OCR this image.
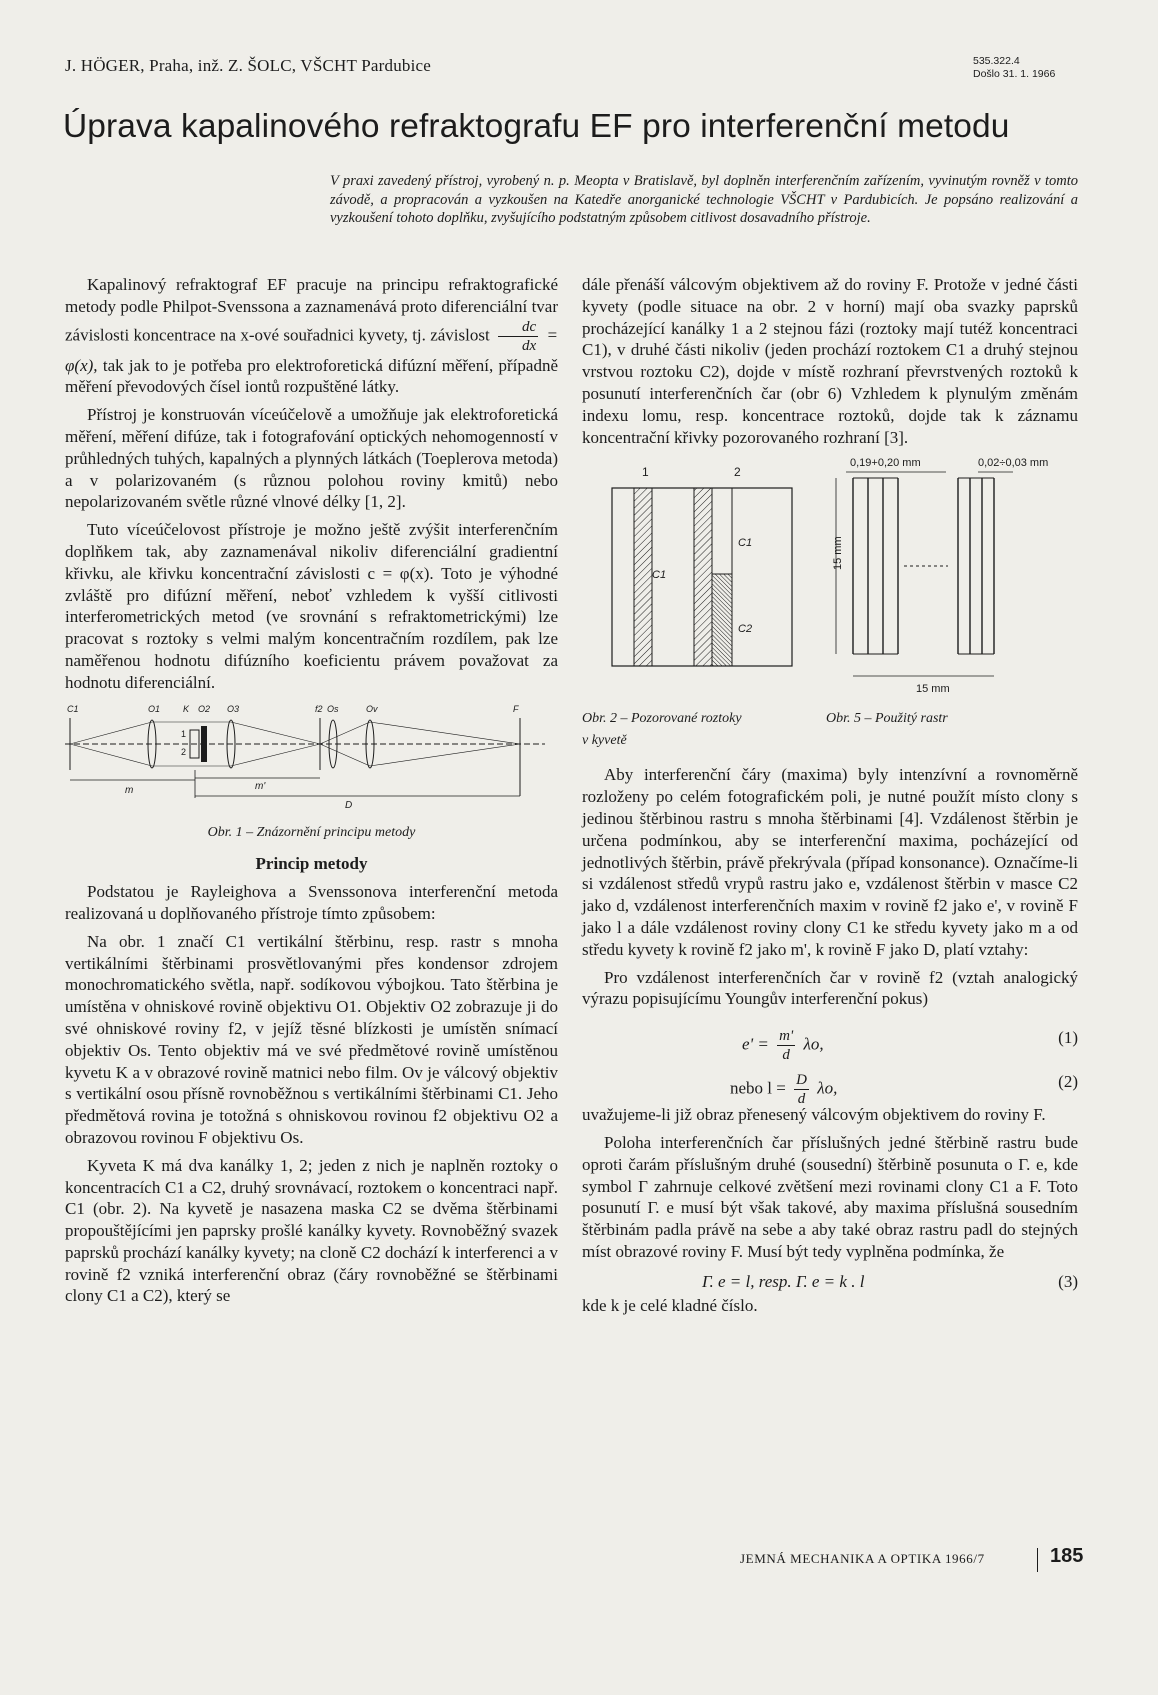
J. HÖGER, Praha, inž. Z. ŠOLC, VŠCHT Pardubice	535.322.4
Došlo 31. 1. 1966
Úprava kapalinového refraktografu EF pro interferenční metodu
V praxi zavedený přístroj, vyrobený n. p. Meopta v Bratislavě, byl doplněn interferenčním zařízením, vyvinutým rovněž v tomto závodě, a propracován a vyzkoušen na Katedře anorganické technologie VŠCHT v Pardubicích. Je popsáno realizování a vyzkoušení tohoto doplňku, zvyšujícího podstatným způsobem citlivost dosavadního přístroje.

Kapalinový refraktograf EF pracuje na principu refraktografické metody podle Philpot-Svenssona a zaznamenává proto diferenciální tvar závislosti koncentrace na x-ové souřadnici kyvety, tj. závislost $\frac{dc}{dx} = \varphi(x)$, tak jak to je potřeba pro elektroforetická difúzní měření, případně měření převodových čísel iontů rozpuštěné látky.

Přístroj je konstruován víceúčelově a umožňuje jak elektroforetická měření, měření difúze, tak i fotografování optických nehomogenností v průhledných tuhých, kapalných a plynných látkách (Toeplerova metoda) a v polarizovaném (s různou polohou roviny kmitů) nebo nepolarizovaném světle různé vlnové délky [1, 2].

Tuto víceúčelovost přístroje je možno ještě zvýšit interferenčním doplňkem tak, aby zaznamenával nikoliv diferenciální gradientní křivku, ale křivku koncentrační závislosti c = φ(x). Toto je výhodné zvláště pro difúzní měření, neboť vzhledem k vyšší citlivosti interferometrických metod (ve srovnání s refraktometrickými) lze pracovat s roztoky s velmi malým koncentračním rozdílem, pak lze naměřenou hodnotu difúzního koeficientu právem považovat za hodnotu diferenciální.

C1	O1	K O2 O3	f2 Os	Ov	F
1
2
m	m'
D
Obr. 1 – Znázornění principu metody

Princip metody

Podstatou je Rayleighova a Svenssonova interferenční metoda realizovaná u doplňovaného přístroje tímto způsobem:

Na obr. 1 značí C1 vertikální štěrbinu, resp. rastr s mnoha vertikálními štěrbinami prosvětlovanými přes kondensor zdrojem monochromatického světla, např. sodíkovou výbojkou. Tato štěrbina je umístěna v ohniskové rovině objektivu O1. Objektiv O2 zobrazuje ji do své ohniskové roviny f2, v jejíž těsné blízkosti je umístěn snímací objektiv Os. Tento objektiv má ve své předmětové rovině umístěnou kyvetu K a v obrazové rovině matnici nebo film. Ov je válcový objektiv s vertikální osou přísně rovnoběžnou s vertikálními štěrbinami C1. Jeho předmětová rovina je totožná s ohniskovou rovinou f2 objektivu O2 a obrazovou rovinou F objektivu Os.

Kyveta K má dva kanálky 1, 2; jeden z nich je naplněn roztoky o koncentracích C1 a C2, druhý srovnávací, roztokem o koncentraci např. C1 (obr. 2). Na kyvetě je nasazena maska C2 se dvěma štěrbinami propouštějícími jen paprsky prošlé kanálky kyvety. Rovnoběžný svazek paprsků prochází kanálky kyvety; na cloně C2 dochází k interferenci a v rovině f2 vzniká interferenční obraz (čáry rovnoběžné se štěrbinami clony C1 a C2), který se

dále přenáší válcovým objektivem až do roviny F. Protože v jedné části kyvety (podle situace na obr. 2 v horní) mají oba svazky paprsků procházející kanálky 1 a 2 stejnou fázi (roztoky mají tutéž koncentraci C1), v druhé části nikoliv (jeden prochází roztokem C1 a druhý stejnou vrstvou roztoku C2), dojde v místě rozhraní převrstvených roztoků k posunutí interferenčních čar (obr 6) Vzhledem k plynulým změnám indexu lomu, resp. koncentrace roztoků, dojde tak k záznamu koncentrační křivky pozorovaného rozhraní [3].

1	2
C1
C1
C2
0,19+0,20 mm	0,02÷0,03 mm
15 mm
15 mm
Obr. 2 – Pozorované roztoky
v kyvetě
Obr. 5 – Použitý rastr

Aby interferenční čáry (maxima) byly intenzívní a rovnoměrně rozloženy po celém fotografickém poli, je nutné použít místo clony s jedinou štěrbinou rastru s mnoha štěrbinami [4]. Vzdálenost štěrbin je určena podmínkou, aby se interferenční maxima, pocházející od jednotlivých štěrbin, právě překrývala (případ konsonance). Označíme-li si vzdálenost středů vrypů rastru jako e, vzdálenost štěrbin v masce C2 jako d, vzdálenost interferenčních maxim v rovině f2 jako e', v rovině F jako l a dále vzdálenost roviny clony C1 ke středu kyvety jako m a od středu kyvety k rovině f2 jako m', k rovině F jako D, platí vztahy:

Pro vzdálenost interferenčních čar v rovině f2 (vztah analogický výrazu popisujícímu Youngův interferenční pokus)

$e' = \frac{m'}{d} \lambda o$,	(1)
nebo $l = \frac{D}{d} \lambda o$,	(2)

uvažujeme-li již obraz přenesený válcovým objektivem do roviny F.

Poloha interferenčních čar příslušných jedné štěrbině rastru bude oproti čarám příslušným druhé (sousední) štěrbině posunuta o Γ. e, kde symbol Γ zahrnuje celkové zvětšení mezi rovinami clony C1 a F. Toto posunutí Γ. e musí být však takové, aby maxima příslušná sousedním štěrbinám padla právě na sebe a aby také obraz rastru padl do stejných míst obrazové roviny F. Musí být tedy vyplněna podmínka, že

Γ. e = l, resp. Γ. e = k . l	(3)

kde k je celé kladné číslo.

JEMNÁ MECHANIKA A OPTIKA 1966/7	185
